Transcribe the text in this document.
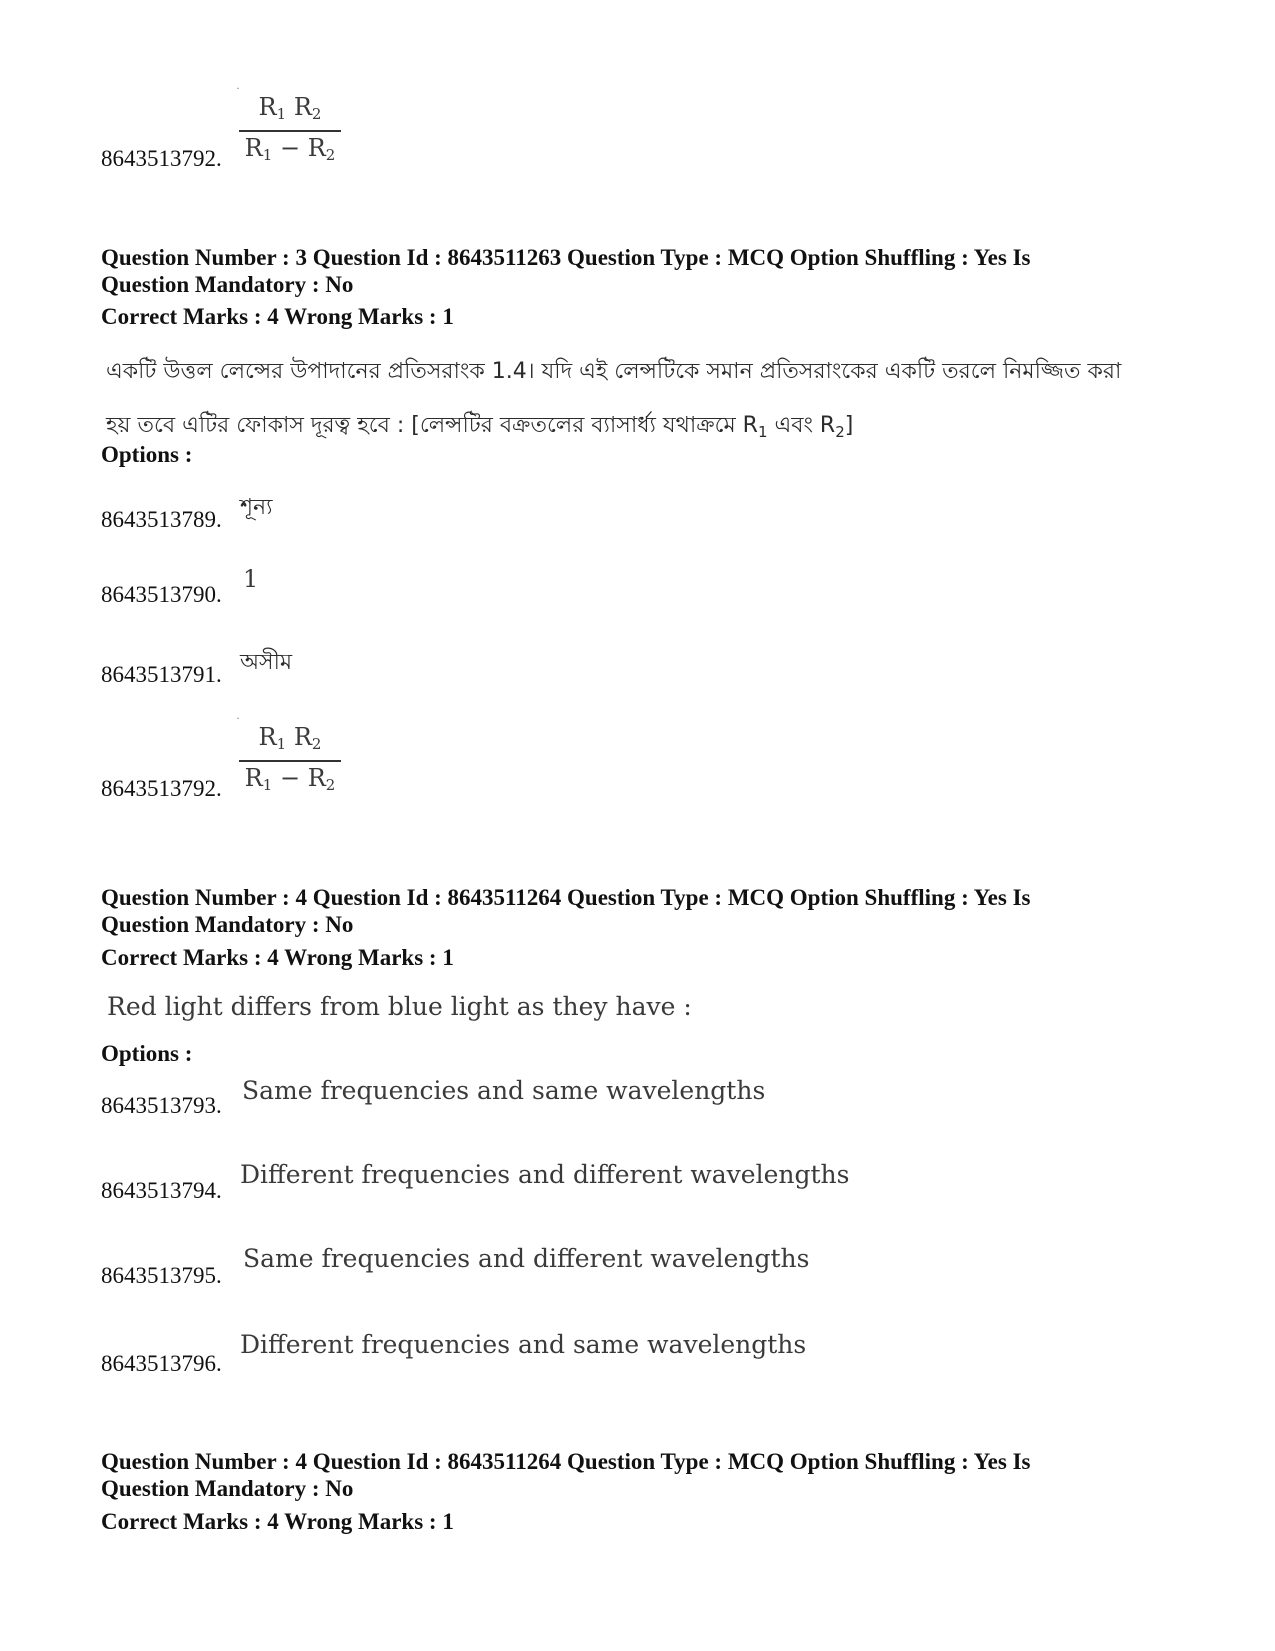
˙ $R_1$ $R_2$
$R_1 - R_2$
8643513792.
Question Number : 3 Question Id : 8643511263 Question Type : MCQ Option Shuffling : Yes Is
Question Mandatory : No
Correct Marks : 4 Wrong Marks : 1
একটি উত্তল লেন্সের উপাদানের প্রতিসরাংক 1.4। যদি এই লেন্সটিকে সমান প্রতিসরাংকের একটি তরলে নিমজ্জিত করা
হয় তবে এটির ফোকাস দূরত্ব হবে : [লেন্সটির বক্রতলের ব্যাসার্ধ্য যথাক্রমে $R_1$ এবং $R_2$]
Options :
শূন্য
8643513789.
1
8643513790.
অসীম
8643513791.
˙ $R_1$ $R_2$
$R_1 - R_2$
8643513792.
Question Number : 4 Question Id : 8643511264 Question Type : MCQ Option Shuffling : Yes Is
Question Mandatory : No
Correct Marks : 4 Wrong Marks : 1
Red light differs from blue light as they have :
Options :
Same frequencies and same wavelengths
8643513793.
Different frequencies and different wavelengths
8643513794.
Same frequencies and different wavelengths
8643513795.
Different frequencies and same wavelengths
8643513796.
Question Number : 4 Question Id : 8643511264 Question Type : MCQ Option Shuffling : Yes Is
Question Mandatory : No
Correct Marks : 4 Wrong Marks : 1
